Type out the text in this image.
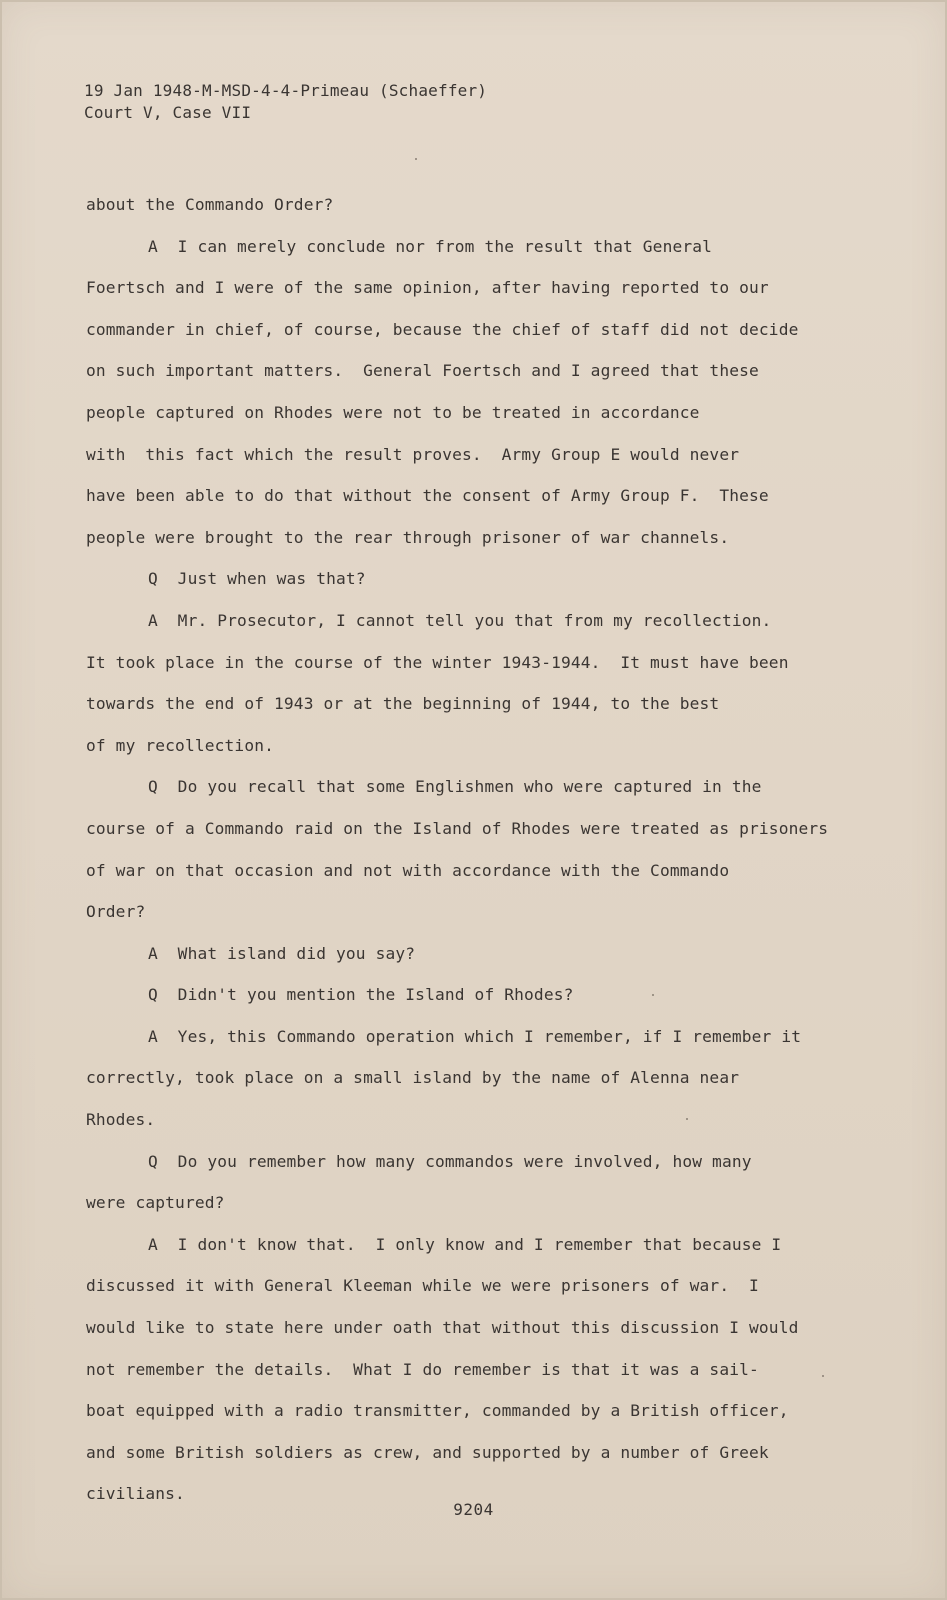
19 Jan 1948-M-MSD-4-4-Primeau (Schaeffer)
Court V, Case VII
about the Commando Order?
A  I can merely conclude nor from the result that General
Foertsch and I were of the same opinion, after having reported to our
commander in chief, of course, because the chief of staff did not decide
on such important matters.  General Foertsch and I agreed that these
people captured on Rhodes were not to be treated in accordance
with  this fact which the result proves.  Army Group E would never
have been able to do that without the consent of Army Group F.  These
people were brought to the rear through prisoner of war channels.
Q  Just when was that?
A  Mr. Prosecutor, I cannot tell you that from my recollection.
It took place in the course of the winter 1943-1944.  It must have been
towards the end of 1943 or at the beginning of 1944, to the best
of my recollection.
Q  Do you recall that some Englishmen who were captured in the
course of a Commando raid on the Island of Rhodes were treated as prisoners
of war on that occasion and not with accordance with the Commando
Order?
A  What island did you say?
Q  Didn't you mention the Island of Rhodes?
A  Yes, this Commando operation which I remember, if I remember it
correctly, took place on a small island by the name of Alenna near
Rhodes.
Q  Do you remember how many commandos were involved, how many
were captured?
A  I don't know that.  I only know and I remember that because I
discussed it with General Kleeman while we were prisoners of war.  I
would like to state here under oath that without this discussion I would
not remember the details.  What I do remember is that it was a sail-
boat equipped with a radio transmitter, commanded by a British officer,
and some British soldiers as crew, and supported by a number of Greek
civilians.
9204
